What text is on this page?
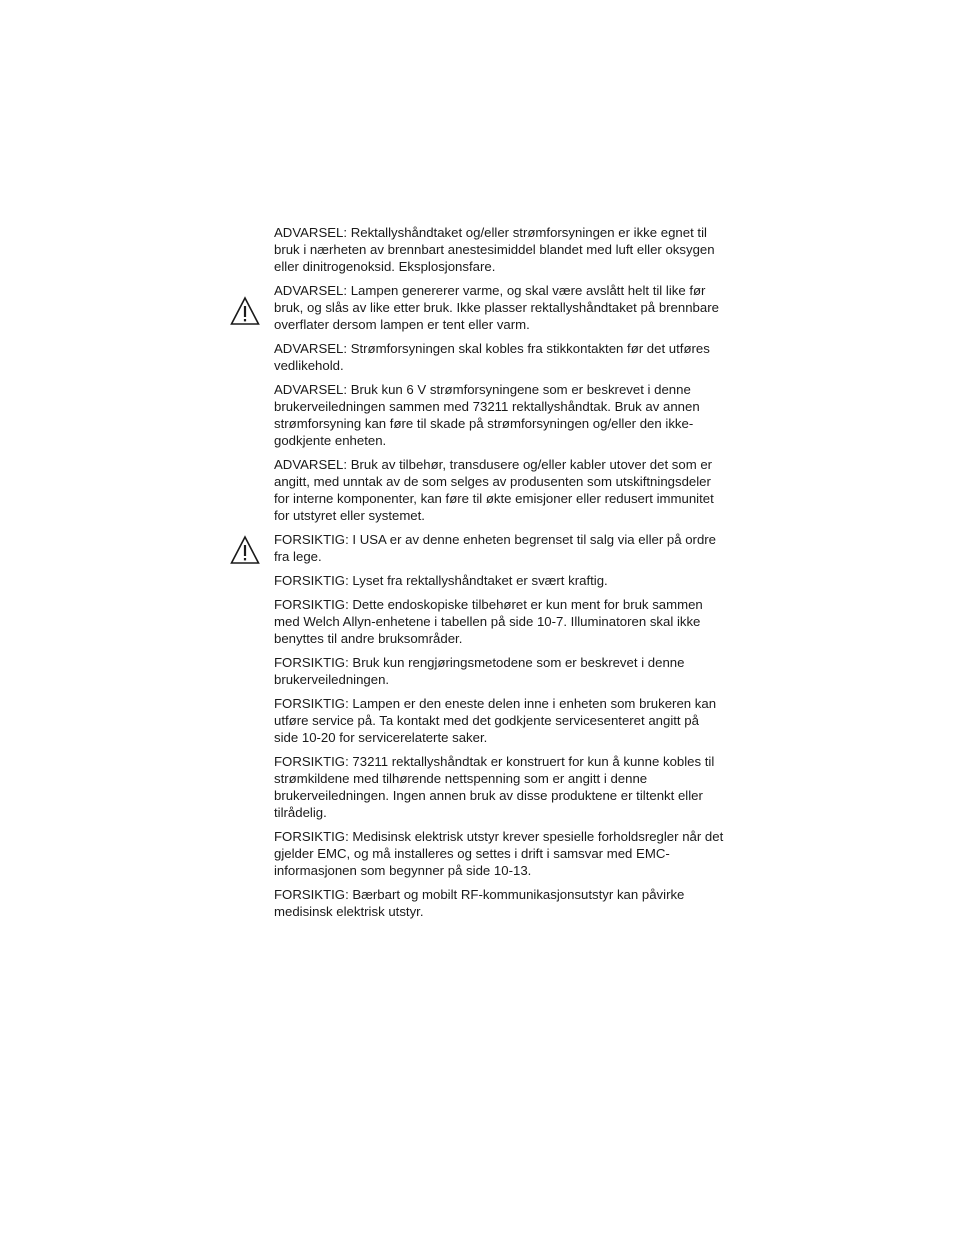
ADVARSEL: Rektallyshåndtaket og/eller strømforsyningen er ikke egnet til bruk i nærheten av brennbart anestesimiddel blandet med luft eller oksygen eller dinitrogenoksid. Eksplosjonsfare.

ADVARSEL: Lampen genererer varme, og skal være avslått helt til like før bruk, og slås av like etter bruk. Ikke plasser rektallyshåndtaket på brennbare overflater dersom lampen er tent eller varm.

ADVARSEL: Strømforsyningen skal kobles fra stikkontakten før det utføres vedlikehold.

ADVARSEL: Bruk kun 6 V strømforsyningene som er beskrevet i denne brukerveiledningen sammen med 73211 rektallyshåndtak. Bruk av annen strømforsyning kan føre til skade på strømforsyningen og/eller den ikke-godkjente enheten.

ADVARSEL: Bruk av tilbehør, transdusere og/eller kabler utover det som er angitt, med unntak av de som selges av produsenten som utskiftningsdeler for interne komponenter, kan føre til økte emisjoner eller redusert immunitet for utstyret eller systemet.

FORSIKTIG: I USA er av denne enheten begrenset til salg via eller på ordre fra lege.

FORSIKTIG: Lyset fra rektallyshåndtaket er svært kraftig.

FORSIKTIG: Dette endoskopiske tilbehøret er kun ment for bruk sammen med Welch Allyn-enhetene i tabellen på side 10-7. Illuminatoren skal ikke benyttes til andre bruksområder.

FORSIKTIG: Bruk kun rengjøringsmetodene som er beskrevet i denne brukerveiledningen.

FORSIKTIG: Lampen er den eneste delen inne i enheten som brukeren kan utføre service på. Ta kontakt med det godkjente servicesenteret angitt på side 10-20 for servicerelaterte saker.

FORSIKTIG: 73211 rektallyshåndtak er konstruert for kun å kunne kobles til strømkildene med tilhørende nettspenning som er angitt i denne brukerveiledningen. Ingen annen bruk av disse produktene er tiltenkt eller tilrådelig.

FORSIKTIG: Medisinsk elektrisk utstyr krever spesielle forholdsregler når det gjelder EMC, og må installeres og settes i drift i samsvar med EMC-informasjonen som begynner på side 10-13.

FORSIKTIG: Bærbart og mobilt RF-kommunikasjonsutstyr kan påvirke medisinsk elektrisk utstyr.
